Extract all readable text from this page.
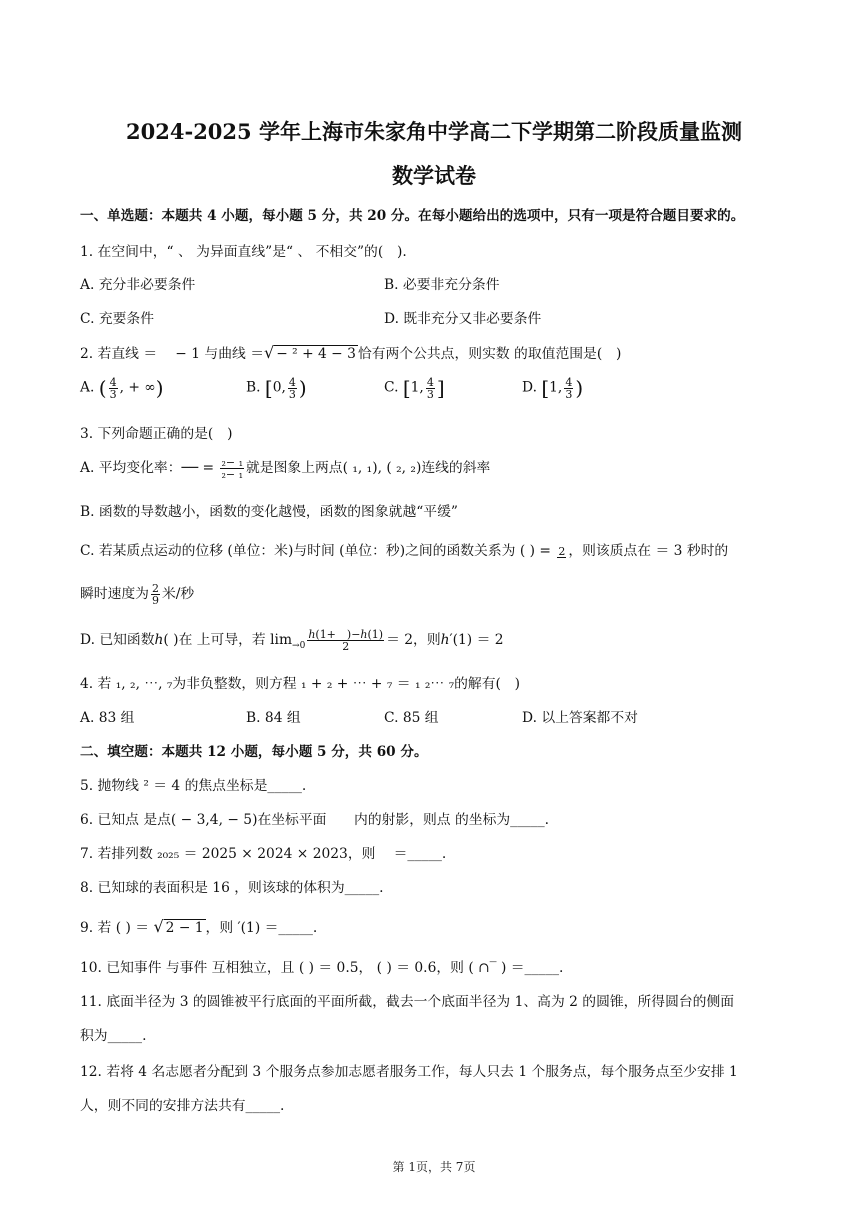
2024-2025 学年上海市朱家角中学高二下学期第二阶段质量监测
数学试卷
一、单选题：本题共 4 小题，每小题 5 分，共 20 分。在每小题给出的选项中，只有一项是符合题目要求的。
1. 在空间中，“ 、 为异面直线”是“ 、 不相交”的(　).
A. 充分非必要条件	B. 必要非充分条件
C. 充要条件	D. 既非充分又非必要条件
2. 若直线 ＝ 　− 1 与曲线 ＝√ − ² + 4 − 3 恰有两个公共点，则实数 的取值范围是(　)
A. ( $\frac{4}{3}$ , + ∞)	B. [0, $\frac{4}{3}$ )	C. [1, $\frac{4}{3}$ ]	D. [1, $\frac{4}{3}$ )
3. 下列命题正确的是(　)
A. 平均变化率：── = $\frac{\text{₂− ₁}}{\text{₂− ₁}}$ 就是图象上两点( ₁, ₁), ( ₂, ₂)连线的斜率
B. 函数的导数越小，函数的变化越慢，函数的图象就越“平缓”
C. 若某质点运动的位移 (单位：米)与时间 (单位：秒)之间的函数关系为 ( ) = 2 ，则该质点在 ＝ 3 秒时的
瞬时速度为 $\frac{2}{9}$ 米/秒
D. 已知函数ℎ( )在 上可导，若 $\lim_{\to 0} \frac{\text{ℎ(1+　)−ℎ(1)}}{2} = 2$，则ℎ′(1) ＝ 2
4. 若 ₁, ₂, ⋯, ₇为非负整数，则方程 ₁ + ₂ + ⋯ + ₇ ＝ ₁ ₂⋯ ₇的解有(　)
A. 83 组	B. 84 组	C. 85 组	D. 以上答案都不对
二、填空题：本题共 12 小题，每小题 5 分，共 60 分。
5. 抛物线 ² ＝ 4 的焦点坐标是_____.
6. 已知点 是点( − 3,4, − 5)在坐标平面　　内的射影，则点 的坐标为_____.
7. 若排列数 ₂₀₂₅ ＝ 2025 × 2024 × 2023，则 　＝_____.
8. 已知球的表面积是 16 ，则该球的体积为_____.
9. 若 ( ) ＝ √ 2 − 1 ，则 ′(1) ＝_____.
10. 已知事件 与事件 互相独立，且 ( ) ＝ 0.5， ( ) ＝ 0.6，则 ( ∩‾ ) ＝_____.
11. 底面半径为 3 的圆锥被平行底面的平面所截，截去一个底面半径为 1、高为 2 的圆锥，所得圆台的侧面
积为_____.
12. 若将 4 名志愿者分配到 3 个服务点参加志愿者服务工作，每人只去 1 个服务点，每个服务点至少安排 1
人，则不同的安排方法共有_____.
第 1页，共 7页
